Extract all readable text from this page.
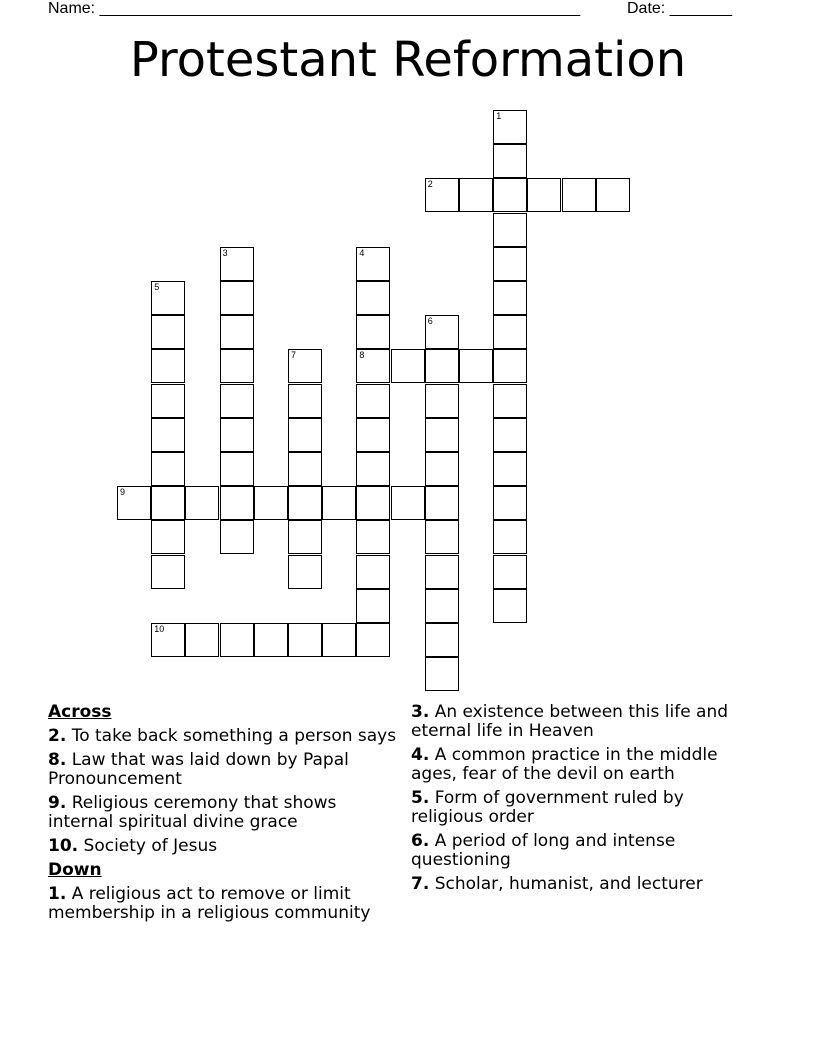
Name: ______________________________________________________	Date: _______
Protestant Reformation
1
2
3	4
8
5
6
7
9
10
Across
2. To take back something a person says
8. Law that was laid down by Papal Pronouncement
9. Religious ceremony that shows internal spiritual divine grace
10. Society of Jesus
Down
1. A religious act to remove or limit membership in a religious community
3. An existence between this life and eternal life in Heaven
4. A common practice in the middle ages, fear of the devil on earth
5. Form of government ruled by religious order
6. A period of long and intense questioning
7. Scholar, humanist, and lecturer
